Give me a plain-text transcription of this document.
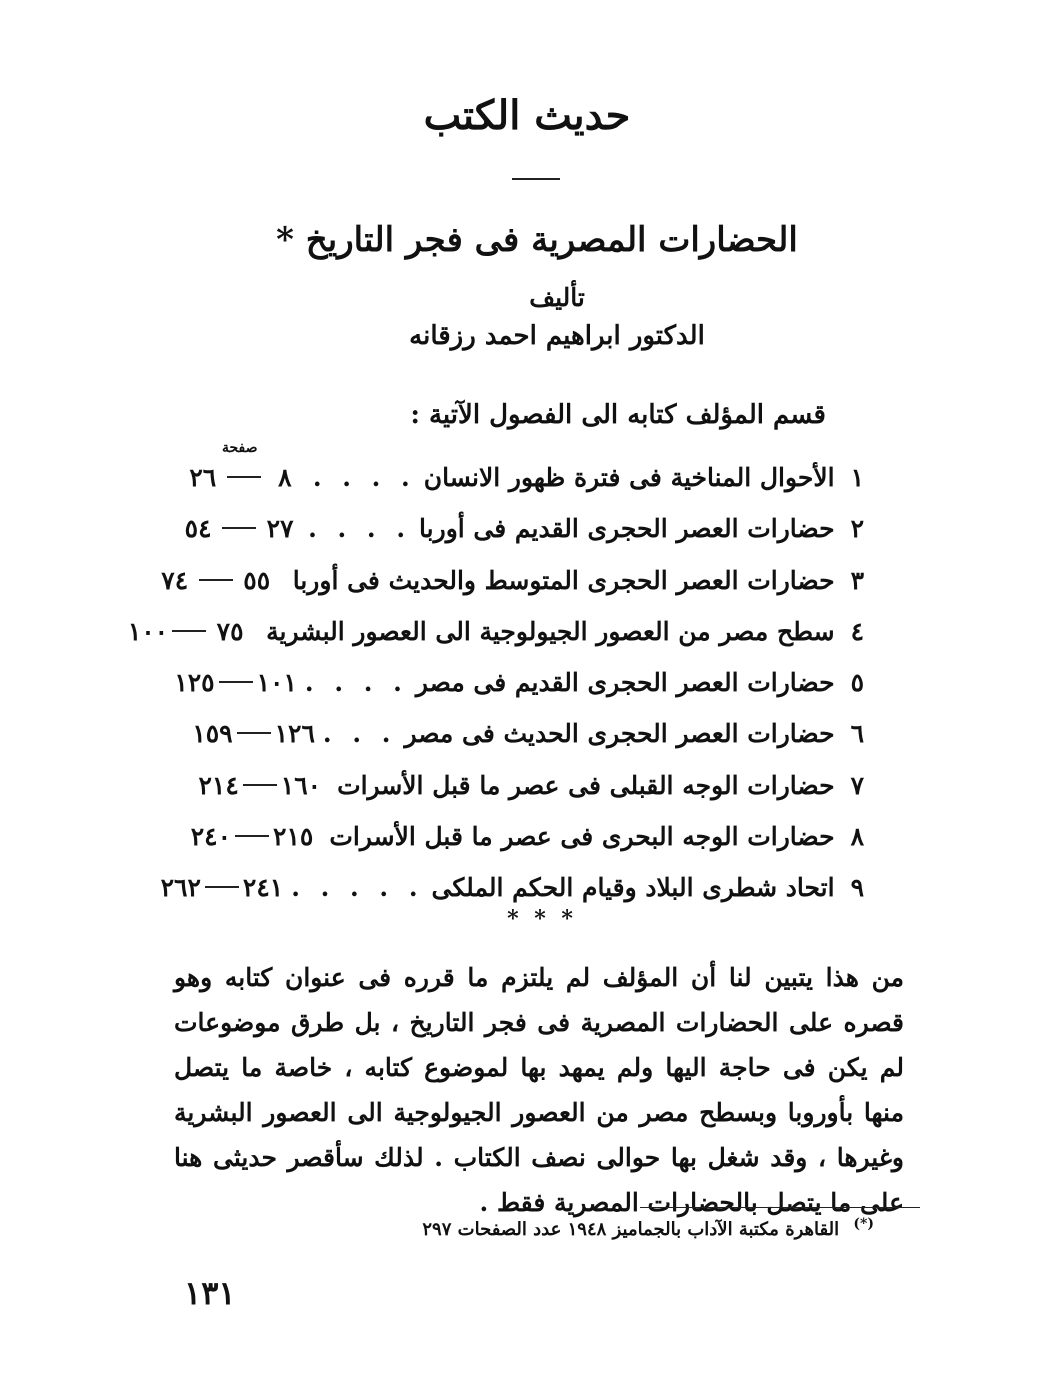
حديث الكتب
الحضارات المصرية فى فجر التاريخ *
تأليف
الدكتور ابراهيم احمد رزقانه
قسم المؤلف كتابه الى الفصول الآتية :
صفحة
١
الأحوال المناخية فى فترة ظهور الانسان
. . . .
٨
٢٦
٢
حضارات العصر الحجرى القديم فى أوربا
. . . .
٢٧
٥٤
٣
حضارات العصر الحجرى المتوسط والحديث فى أوربا
٥٥
٧٤
٤
سطح مصر من العصور الجيولوجية الى العصور البشرية
٧٥
١٠٠
٥
حضارات العصر الحجرى القديم فى مصر
. . . .
١٠١
١٢٥
٦
حضارات العصر الحجرى الحديث فى مصر
. . .
١٢٦
١٥٩
٧
حضارات الوجه القبلى فى عصر ما قبل الأسرات
١٦٠
٢١٤
٨
حضارات الوجه البحرى فى عصر ما قبل الأسرات
٢١٥
٢٤٠
٩
اتحاد شطرى البلاد وقيام الحكم الملكى
. . . . .
٢٤١
٢٦٢
* * *

من هذا يتبين لنا أن المؤلف لم يلتزم ما قرره فى عنوان كتابه وهو قصره على الحضارات المصرية فى فجر التاريخ ، بل طرق موضوعات لم يكن فى حاجة اليها ولم يمهد بها لموضوع كتابه ، خاصة ما يتصل منها بأوروبا وبسطح مصر من العصور الجيولوجية الى العصور البشرية وغيرها ، وقد شغل بها حوالى نصف الكتاب . لذلك سأقصر حديثى هنا على ما يتصل بالحضارات المصرية فقط .

(*) القاهرة مكتبة الآداب بالجماميز ١٩٤٨ عدد الصفحات ٢٩٧
١٣١
